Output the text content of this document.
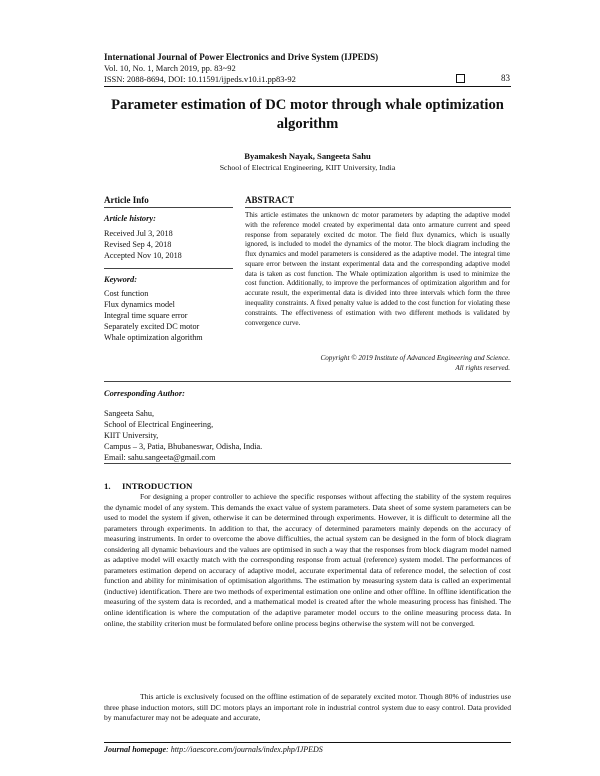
International Journal of Power Electronics and Drive System (IJPEDS)
Vol. 10, No. 1, March 2019, pp. 83~92
ISSN: 2088-8694, DOI: 10.11591/ijpeds.v10.i1.pp83-92	83
Parameter estimation of DC motor through whale optimization algorithm
Byamakesh Nayak, Sangeeta Sahu
School of Electrical Engineering, KIIT University, India
Article Info
Article history:
Received Jul 3, 2018
Revised Sep 4, 2018
Accepted Nov 10, 2018
Keyword:
Cost function
Flux dynamics model
Integral time square error
Separately excited DC motor
Whale optimization algorithm
ABSTRACT
This article estimates the unknown dc motor parameters by adapting the adaptive model with the reference model created by experimental data onto armature current and speed response from separately excited dc motor. The field flux dynamics, which is usually ignored, is included to model the dynamics of the motor. The block diagram including the flux dynamics and model parameters is considered as the adaptive model. The integral time square error between the instant experimental data and the corresponding adaptive model data is taken as cost function. The Whale optimization algorithm is used to minimize the cost function. Additionally, to improve the performances of optimization algorithm and for accurate result, the experimental data is divided into three intervals which form the three inequality constraints. A fixed penalty value is added to the cost function for violating these constraints. The effectiveness of estimation with two different methods is validated by convergence curve.
Copyright © 2019 Institute of Advanced Engineering and Science.
All rights reserved.
Corresponding Author:
Sangeeta Sahu,
School of Electrical Engineering,
KIIT University,
Campus – 3, Patia, Bhubaneswar, Odisha, India.
Email: sahu.sangeeta@gmail.com
1. INTRODUCTION
For designing a proper controller to achieve the specific responses without affecting the stability of the system requires the dynamic model of any system. This demands the exact value of system parameters. Data sheet of some system parameters can be used to model the system if given, otherwise it can be determined through experiments. However, it is difficult to determine all the parameters through experiments. In addition to that, the accuracy of determined parameters mainly depends on the accuracy of measuring instruments. In order to overcome the above difficulties, the actual system can be designed in the form of block diagram considering all dynamic behaviours and the values are optimised in such a way that the responses from block diagram model named as adaptive model will exactly match with the corresponding response from actual (reference) system model. The performances of parameters estimation depend on accuracy of adaptive model, accurate experimental data of reference model, the selection of cost function and ability for minimisation of optimisation algorithms. The estimation by measuring system data is called an experimental (inductive) identification. There are two methods of experimental estimation one online and other offline. In offline identification the measuring of the system data is recorded, and a mathematical model is created after the whole measuring process has finished. The online identification is where the computation of the adaptive parameter model occurs to the online measuring process data. In online, the stability criterion must be formulated before online process begins otherwise the system will not be converged.
This article is exclusively focused on the offline estimation of de separately excited motor. Though 80% of industries use three phase induction motors, still DC motors plays an important role in industrial control system due to easy control. Data provided by manufacturer may not be adequate and accurate,
Journal homepage: http://iaescore.com/journals/index.php/IJPEDS
